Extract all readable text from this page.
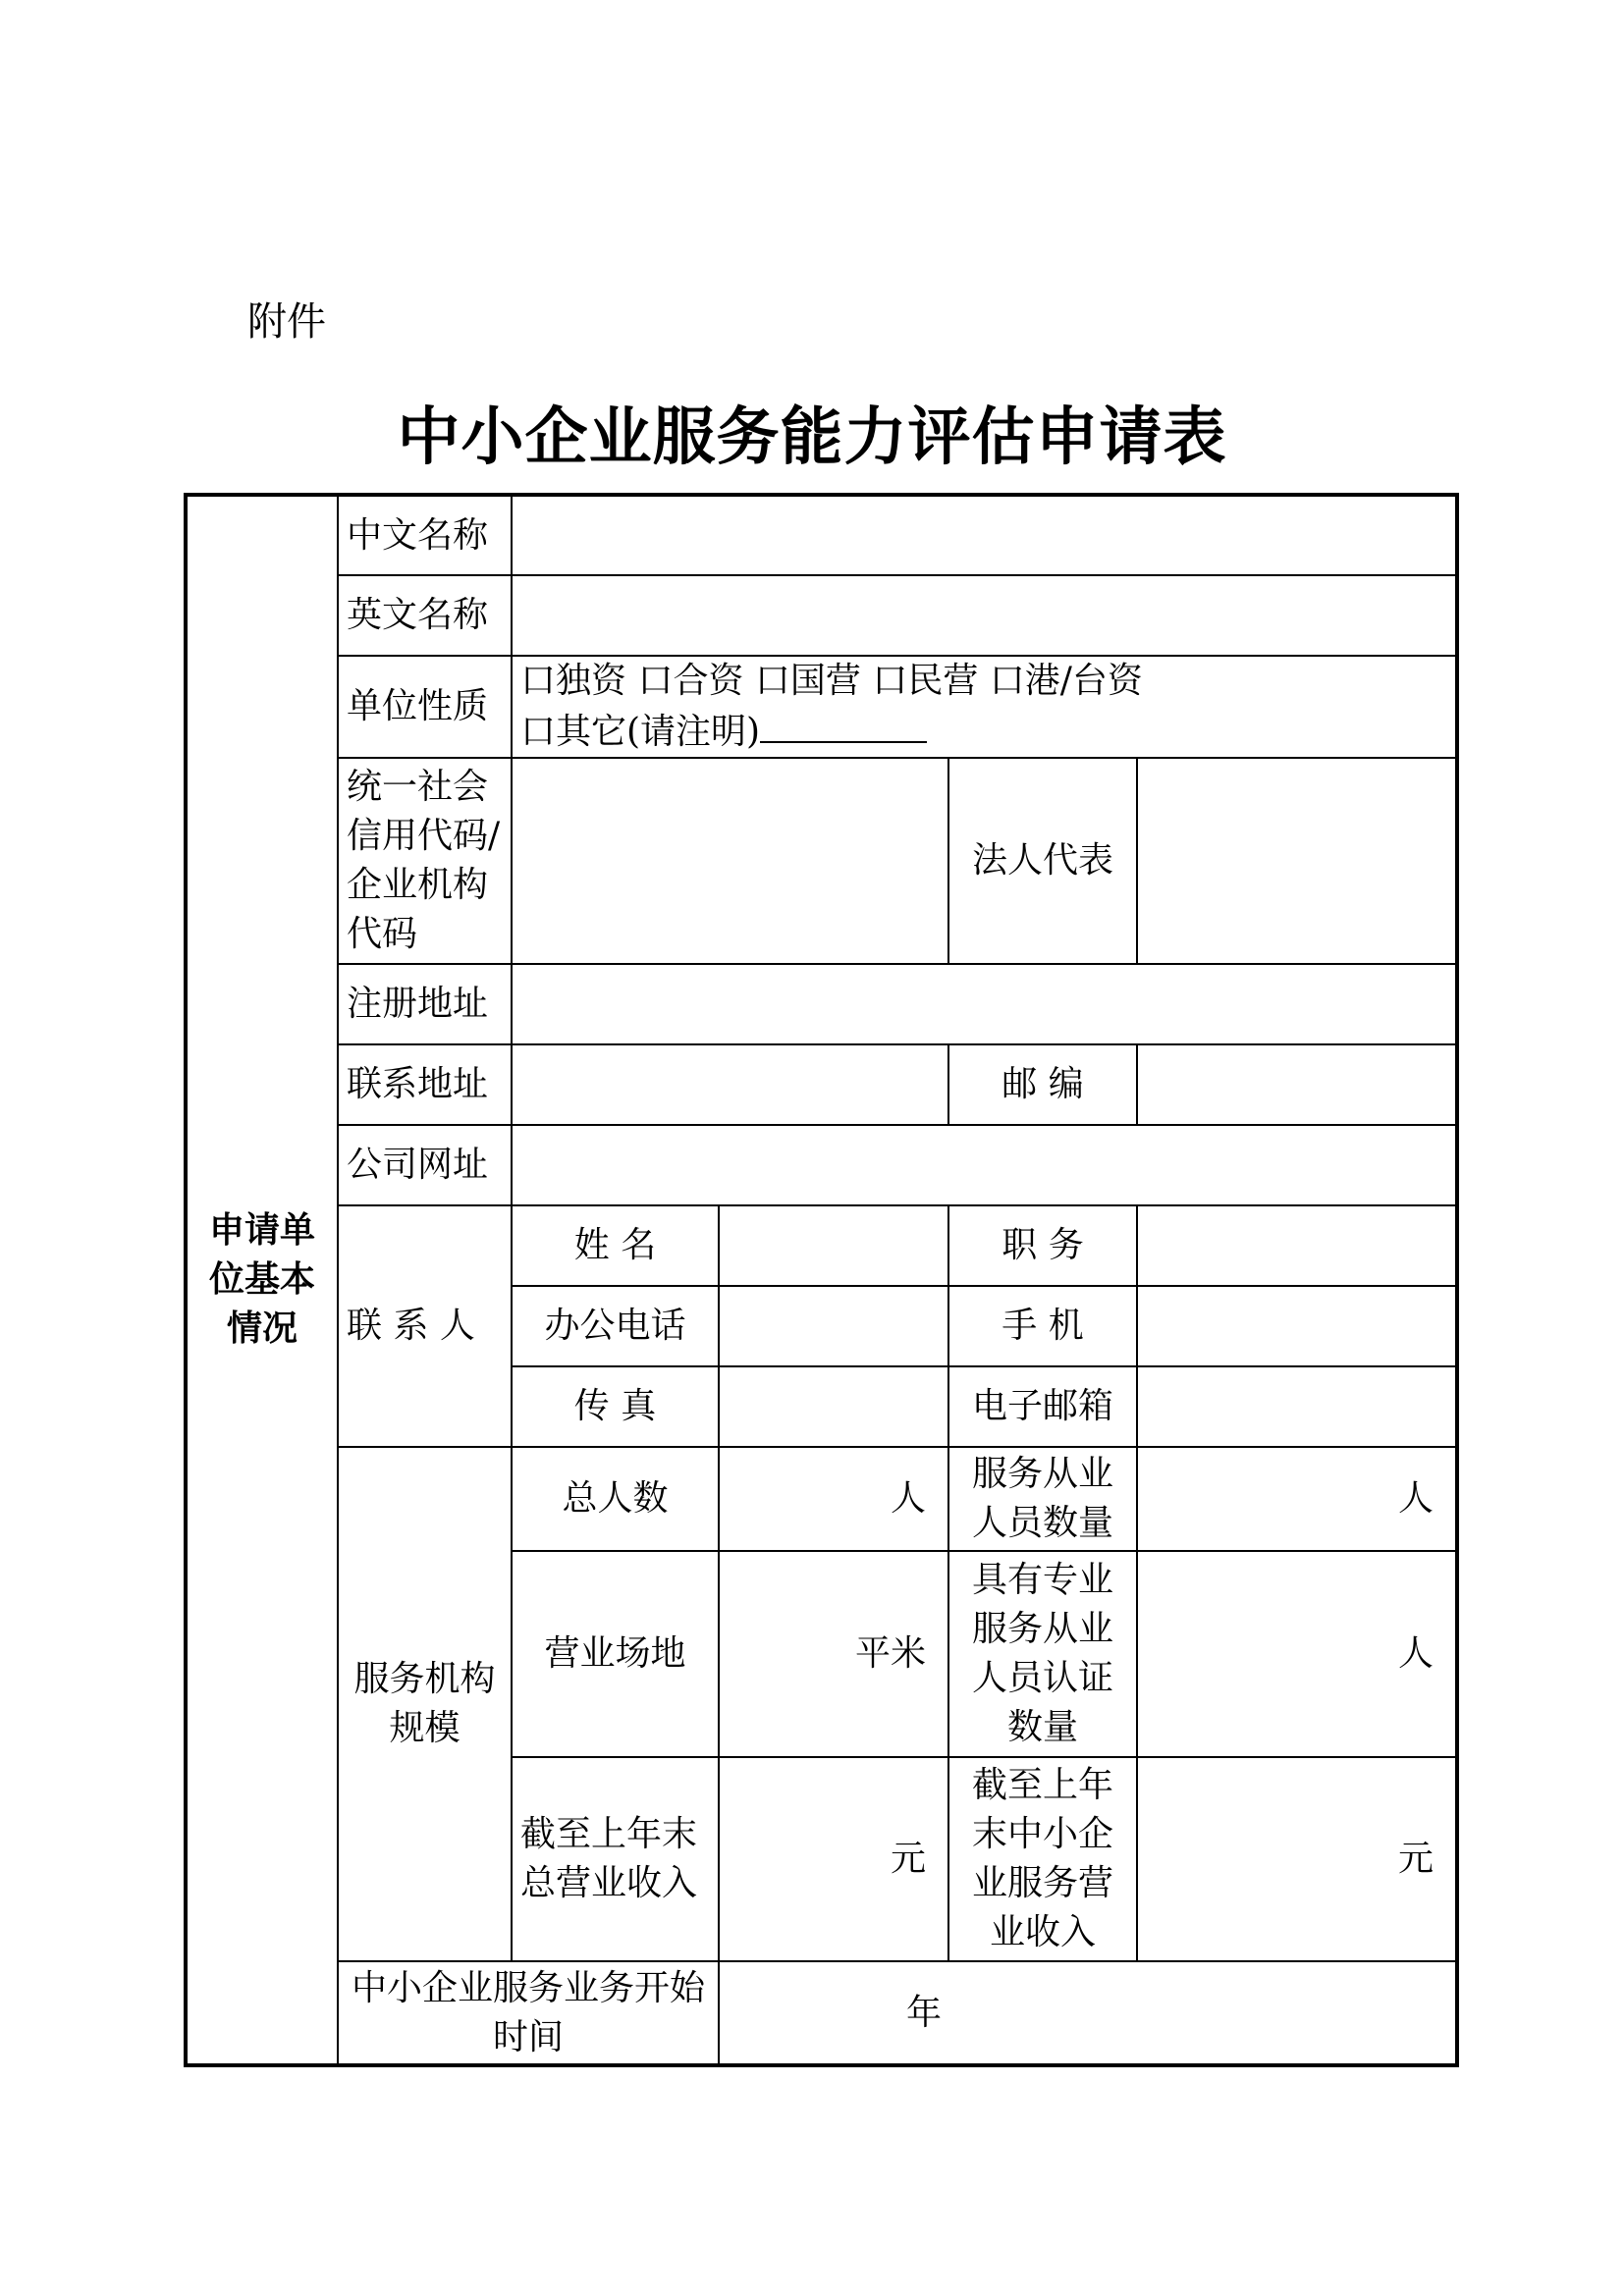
附件
中小企业服务能力评估申请表
申请单位基本情况	中文名称				
	英文名称				
	单位性质	口独资 口合资 口国营 口民营 口港/台资
口其它(请注明)			

	统一社会信用代码/企业机构代码			法人代表	
	注册地址				
	联系地址			邮 编	
	公司网址				
	联 系 人	姓 名		职 务	
		办公电话		手 机	
		传 真		电子邮箱	
	服务机构规模	总人数	人	服务从业人员数量	人
		营业场地	平米	具有专业服务从业人员认证数量	人
		截至上年末总营业收入	元	截至上年末中小企业服务营业收入	元
	中小企业服务业务开始时间		年		
